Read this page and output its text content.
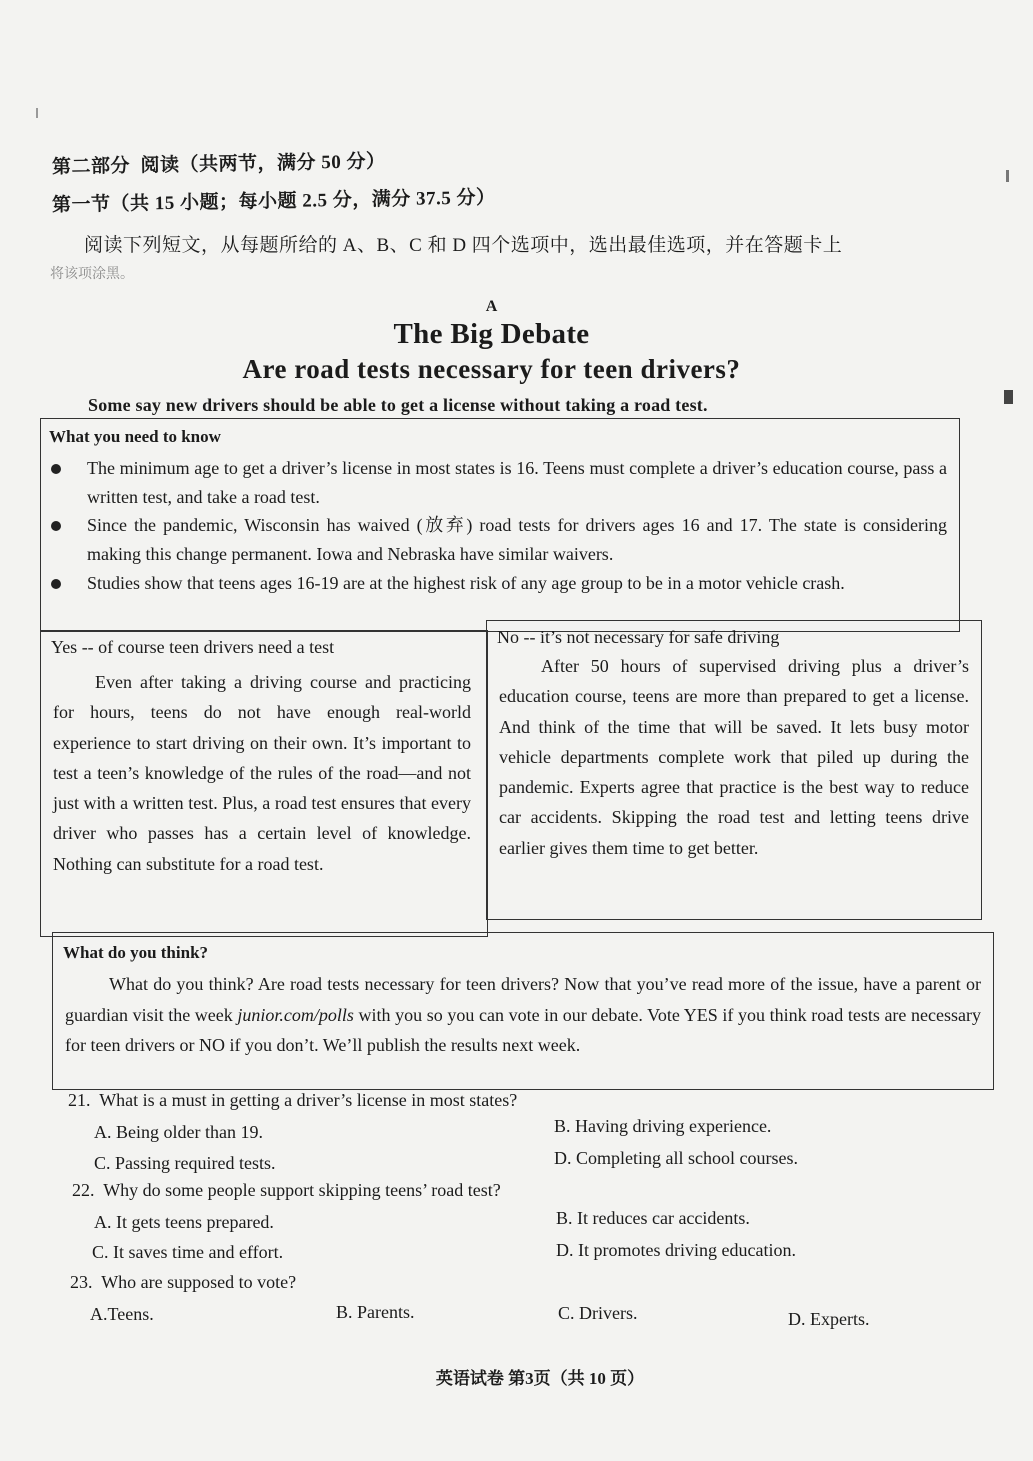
第二部分 阅读（共两节，满分 50 分）
第一节（共 15 小题；每小题 2.5 分，满分 37.5 分）
阅读下列短文，从每题所给的 A、B、C 和 D 四个选项中，选出最佳选项，并在答题卡上
将该项涂黑。
A
The Big Debate
Are road tests necessary for teen drivers?
Some say new drivers should be able to get a license without taking a road test.
What you need to know
The minimum age to get a driver’s license in most states is 16. Teens must complete a driver’s education course, pass a written test, and take a road test.
Since the pandemic, Wisconsin has waived (放弃) road tests for drivers ages 16 and 17. The state is considering making this change permanent. Iowa and Nebraska have similar waivers.
Studies show that teens ages 16-19 are at the highest risk of any age group to be in a motor vehicle crash.
Yes -- of course teen drivers need a test
Even after taking a driving course and practicing for hours, teens do not have enough real-world experience to start driving on their own. It’s important to test a teen’s knowledge of the rules of the road—and not just with a written test. Plus, a road test ensures that every driver who passes has a certain level of knowledge. Nothing can substitute for a road test.
No -- it’s not necessary for safe driving
After 50 hours of supervised driving plus a driver’s education course, teens are more than prepared to get a license. And think of the time that will be saved. It lets busy motor vehicle departments complete work that piled up during the pandemic. Experts agree that practice is the best way to reduce car accidents. Skipping the road test and letting teens drive earlier gives them time to get better.
What do you think?
What do you think? Are road tests necessary for teen drivers? Now that you’ve read more of the issue, have a parent or guardian visit the week junior.com/polls with you so you can vote in our debate. Vote YES if you think road tests are necessary for teen drivers or NO if you don’t. We’ll publish the results next week.
21. What is a must in getting a driver’s license in most states?
A. Being older than 19.	B. Having driving experience.
C. Passing required tests.	D. Completing all school courses.
22. Why do some people support skipping teens’ road test?
A. It gets teens prepared.	B. It reduces car accidents.
C. It saves time and effort.	D. It promotes driving education.
23. Who are supposed to vote?
A.Teens.	B. Parents.	C. Drivers.	D. Experts.
英语试卷 第3页（共 10 页）
